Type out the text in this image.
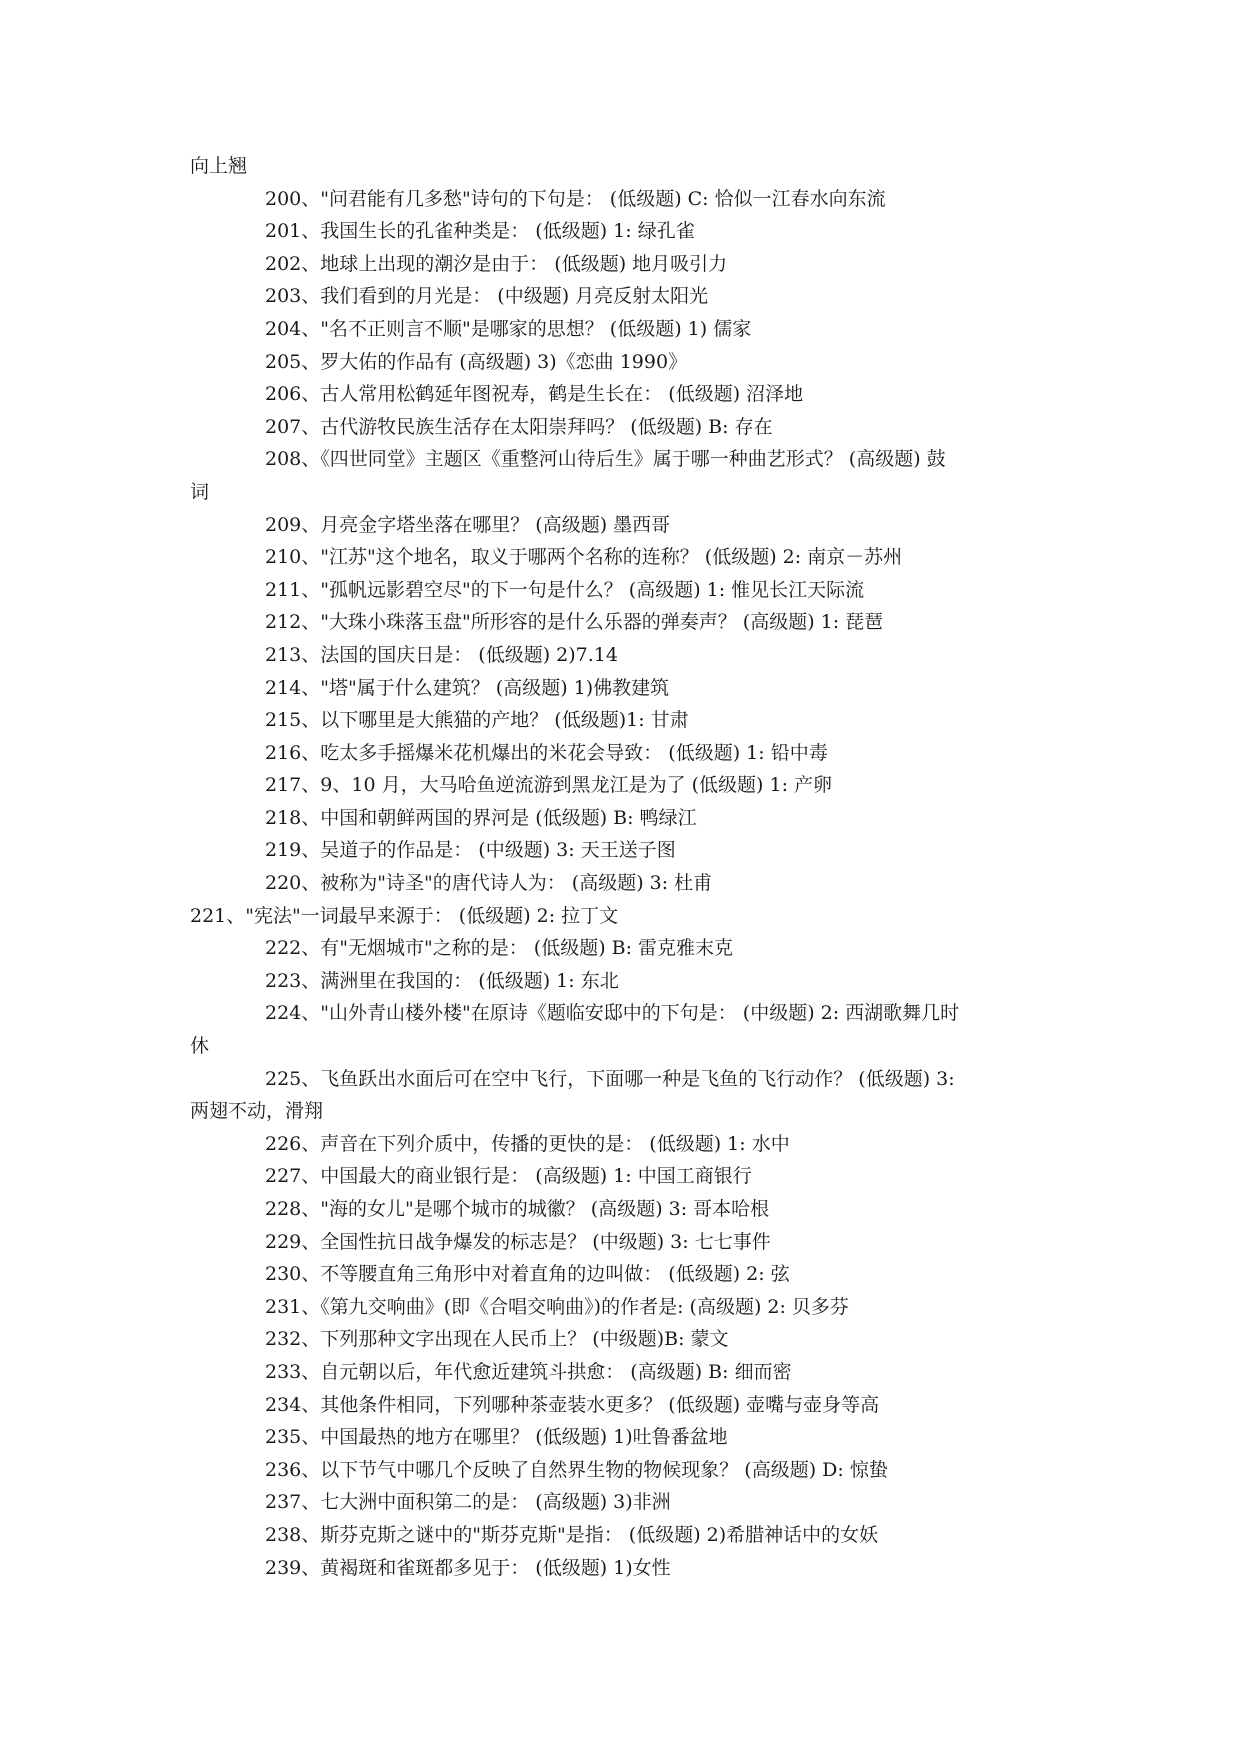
向上翘
200、"问君能有几多愁"诗句的下句是： (低级题) C: 恰似一江春水向东流
201、我国生长的孔雀种类是： (低级题) 1: 绿孔雀
202、地球上出现的潮汐是由于： (低级题) 地月吸引力
203、我们看到的月光是： (中级题) 月亮反射太阳光
204、"名不正则言不顺"是哪家的思想？ (低级题) 1) 儒家
205、罗大佑的作品有 (高级题) 3)《恋曲 1990》
206、古人常用松鹤延年图祝寿，鹤是生长在： (低级题) 沼泽地
207、古代游牧民族生活存在太阳崇拜吗？ (低级题) B: 存在
208、《四世同堂》主题区《重整河山待后生》属于哪一种曲艺形式？ (高级题) 鼓
词
209、月亮金字塔坐落在哪里？ (高级题) 墨西哥
210、"江苏"这个地名，取义于哪两个名称的连称？ (低级题) 2: 南京－苏州
211、"孤帆远影碧空尽"的下一句是什么？ (高级题) 1: 惟见长江天际流
212、"大珠小珠落玉盘"所形容的是什么乐器的弹奏声？ (高级题) 1: 琵琶
213、法国的国庆日是： (低级题) 2)7.14
214、"塔"属于什么建筑？ (高级题) 1)佛教建筑
215、以下哪里是大熊猫的产地？ (低级题)1: 甘肃
216、吃太多手摇爆米花机爆出的米花会导致： (低级题) 1: 铅中毒
217、9、10 月，大马哈鱼逆流游到黑龙江是为了 (低级题) 1: 产卵
218、中国和朝鲜两国的界河是 (低级题) B: 鸭绿江
219、吴道子的作品是： (中级题) 3: 天王送子图
220、被称为"诗圣"的唐代诗人为： (高级题) 3: 杜甫
221、"宪法"一词最早来源于： (低级题) 2: 拉丁文
222、有"无烟城市"之称的是： (低级题) B: 雷克雅末克
223、满洲里在我国的： (低级题) 1: 东北
224、"山外青山楼外楼"在原诗《题临安邸中的下句是： (中级题) 2: 西湖歌舞几时
休
225、飞鱼跃出水面后可在空中飞行，下面哪一种是飞鱼的飞行动作？ (低级题) 3:
两翅不动，滑翔
226、声音在下列介质中，传播的更快的是： (低级题) 1: 水中
227、中国最大的商业银行是： (高级题) 1: 中国工商银行
228、"海的女儿"是哪个城市的城徽？ (高级题) 3: 哥本哈根
229、全国性抗日战争爆发的标志是？ (中级题) 3: 七七事件
230、不等腰直角三角形中对着直角的边叫做： (低级题) 2: 弦
231、《第九交响曲》(即《合唱交响曲》)的作者是: (高级题) 2: 贝多芬
232、下列那种文字出现在人民币上？ (中级题)B: 蒙文
233、自元朝以后，年代愈近建筑斗拱愈： (高级题) B: 细而密
234、其他条件相同，下列哪种茶壶装水更多？ (低级题) 壶嘴与壶身等高
235、中国最热的地方在哪里？ (低级题) 1)吐鲁番盆地
236、以下节气中哪几个反映了自然界生物的物候现象？ (高级题) D: 惊蛰
237、七大洲中面积第二的是： (高级题) 3)非洲
238、斯芬克斯之谜中的"斯芬克斯"是指： (低级题) 2)希腊神话中的女妖
239、黄褐斑和雀斑都多见于： (低级题) 1)女性
